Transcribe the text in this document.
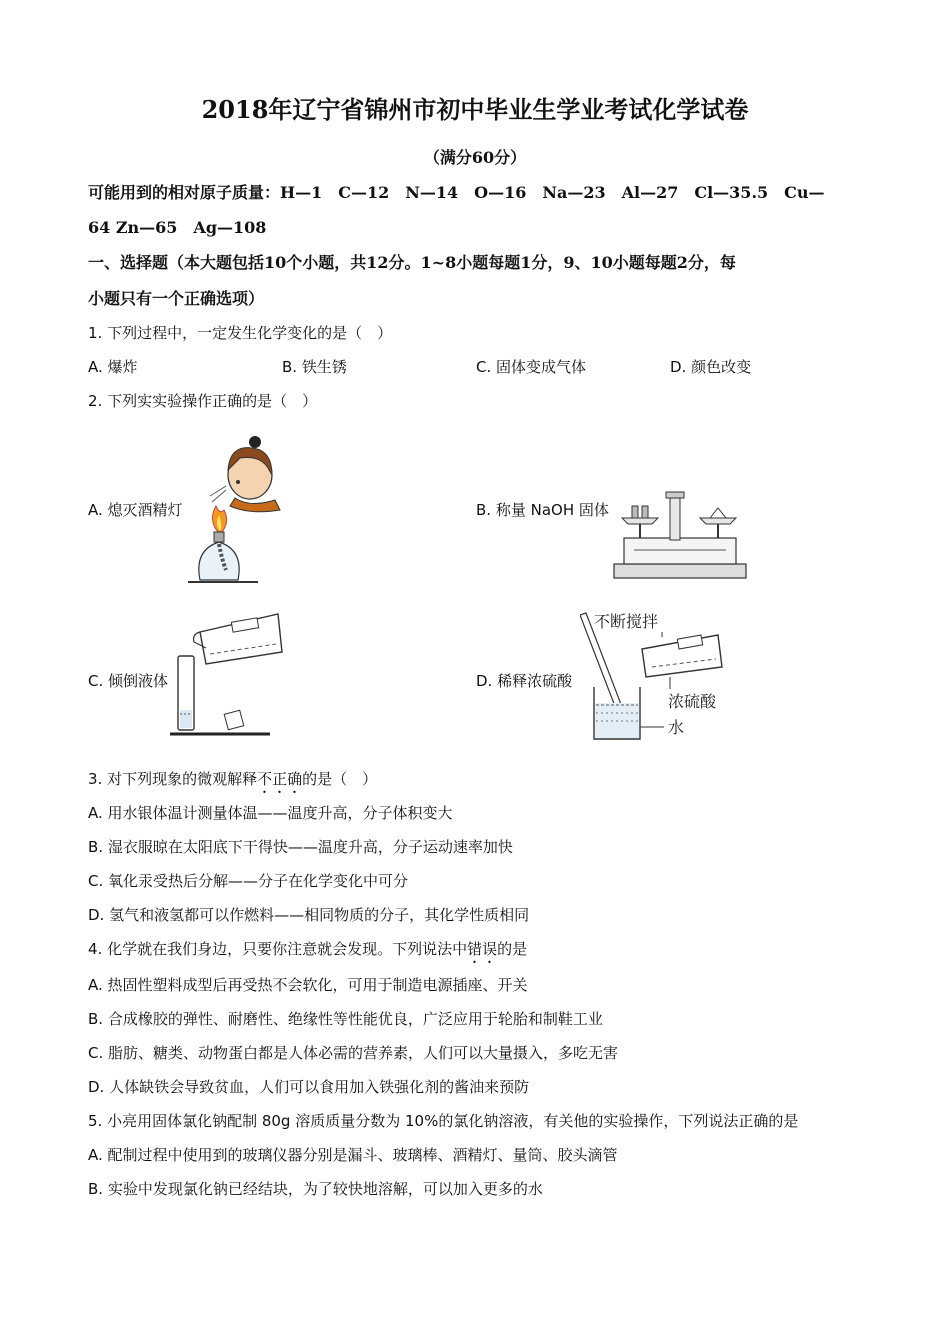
2018年辽宁省锦州市初中毕业生学业考试化学试卷
（满分60分）
可能用到的相对原子质量：H—1　C—12　N—14　O—16　Na—23　Al—27　Cl—35.5　Cu—
64 Zn—65　Ag—108
一、选择题（本大题包括10个小题，共12分。1~8小题每题1分，9、10小题每题2分，每
小题只有一个正确选项）
1. 下列过程中，一定发生化学变化的是（　）
A. 爆炸	B. 铁生锈	C. 固体变成气体	D. 颜色改变
2. 下列实实验操作正确的是（　）
A. 熄灭酒精灯	B. 称量 NaOH 固体
C. 倾倒液体	D. 稀释浓硫酸
不断搅拌
浓硫酸
水
3. 对下列现象的微观解释不正确的是（　）
A. 用水银体温计测量体温——温度升高，分子体积变大
B. 湿衣服晾在太阳底下干得快——温度升高，分子运动速率加快
C. 氧化汞受热后分解——分子在化学变化中可分
D. 氢气和液氢都可以作燃料——相同物质的分子，其化学性质相同
4. 化学就在我们身边，只要你注意就会发现。下列说法中错误的是
A. 热固性塑料成型后再受热不会软化，可用于制造电源插座、开关
B. 合成橡胶的弹性、耐磨性、绝缘性等性能优良，广泛应用于轮胎和制鞋工业
C. 脂肪、糖类、动物蛋白都是人体必需的营养素，人们可以大量摄入，多吃无害
D. 人体缺铁会导致贫血，人们可以食用加入铁强化剂的酱油来预防
5. 小亮用固体氯化钠配制 80g 溶质质量分数为 10%的氯化钠溶液，有关他的实验操作，下列说法正确的是
A. 配制过程中使用到的玻璃仪器分别是漏斗、玻璃棒、酒精灯、量筒、胶头滴管
B. 实验中发现氯化钠已经结块，为了较快地溶解，可以加入更多的水
